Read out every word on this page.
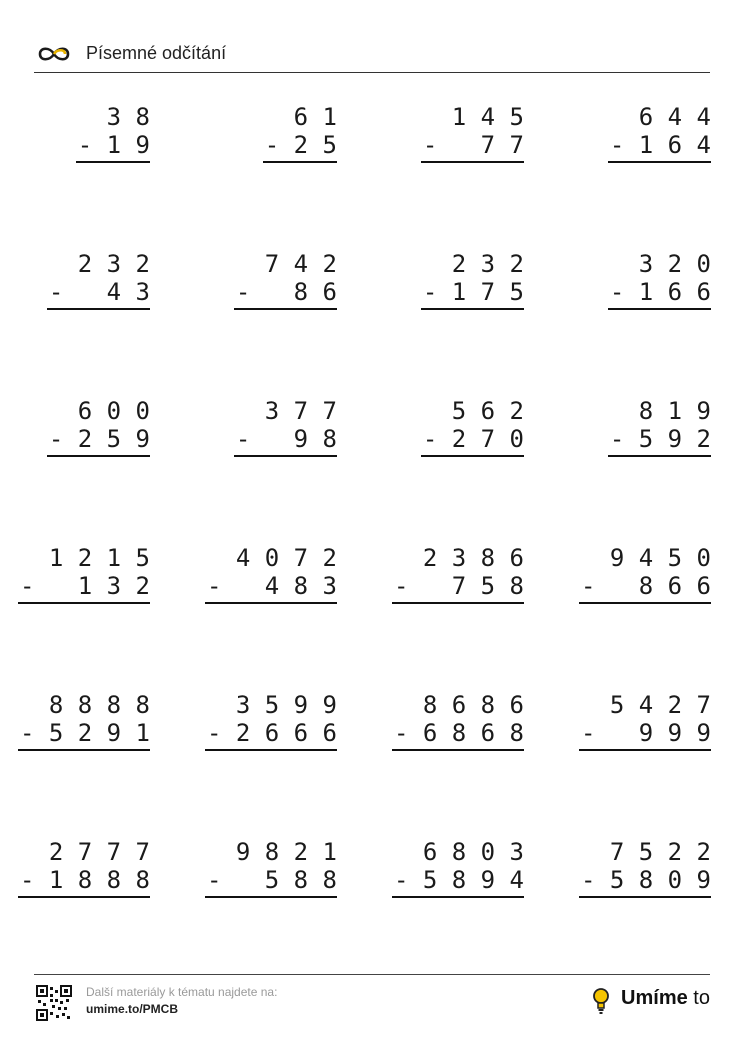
Písemné odčítání
3 8
- 1 9
6 1
- 2 5
1 4 5
-   7 7
6 4 4
- 1 6 4
2 3 2
-   4 3
7 4 2
-   8 6
2 3 2
- 1 7 5
3 2 0
- 1 6 6
6 0 0
- 2 5 9
3 7 7
-   9 8
5 6 2
- 2 7 0
8 1 9
- 5 9 2
1 2 1 5
-   1 3 2
4 0 7 2
-   4 8 3
2 3 8 6
-   7 5 8
9 4 5 0
-   8 6 6
8 8 8 8
- 5 2 9 1
3 5 9 9
- 2 6 6 6
8 6 8 6
- 6 8 6 8
5 4 2 7
-   9 9 9
2 7 7 7
- 1 8 8 8
9 8 2 1
-   5 8 8
6 8 0 3
- 5 8 9 4
7 5 2 2
- 5 8 0 9
Další materiály k tématu najdete na:
umime.to/PMCB	Umíme to
